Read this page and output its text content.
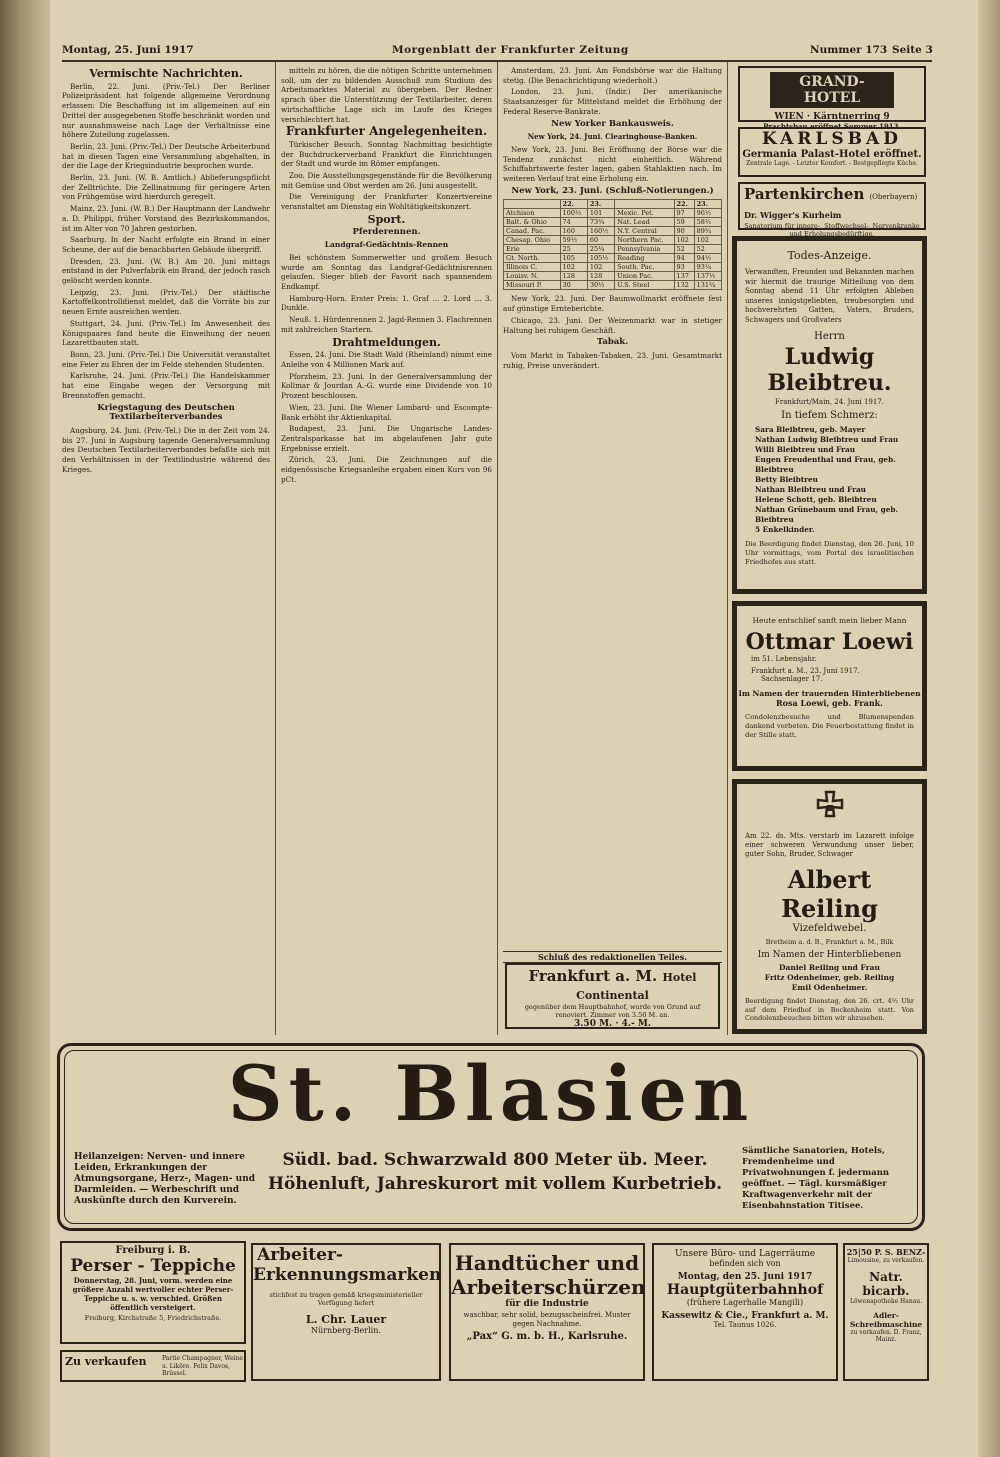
Montag, 25. Juni 1917	Morgenblatt der Frankfurter Zeitung	Nummer 173 Seite 3
Vermischte Nachrichten.

Berlin, 22. Juni. (Priv.-Tel.) Der Berliner Polizeipräsident hat folgende allgemeine Verordnung erlassen: Die Beschaffung ist im allgemeinen auf ein Drittel der ausgegebenen Stoffe beschränkt worden und nur ausnahmsweise nach Lage der Verhältnisse eine höhere Zuteilung zugelassen.

Berlin, 23. Juni. (Priv.-Tel.) Der Deutsche Arbeiterbund hat in diesen Tagen eine Versammlung abgehalten, in der die Lage der Kriegsindustrie besprochen wurde.

Berlin, 23. Juni. (W. B. Amtlich.) Ablieferungspflicht der Zelltrüchte. Die Zellinatmung für geringere Arten von Frühgemüse wird hierdurch geregelt.

Mainz, 23. Juni. (W. B.) Der Hauptmann der Landwehr a. D. Philippi, früher Vorstand des Bezirkskommandos, ist im Alter von 70 Jahren gestorben.

Saarburg. In der Nacht erfolgte ein Brand in einer Scheune, der auf die benachbarten Gebäude übergriff.

Dresden, 23. Juni. (W. B.) Am 20. Juni mittags entstand in der Pulverfabrik ein Brand, der jedoch rasch gelöscht werden konnte.

Leipzig, 23. Juni. (Priv.-Tel.) Der städtische Kartoffelkontrolldienst meldet, daß die Vorräte bis zur neuen Ernte ausreichen werden.

Stuttgart, 24. Juni. (Priv.-Tel.) Im Anwesenheit des Königspaares fand heute die Einweihung der neuen Lazarettbauten statt.

Bonn, 23. Juni. (Priv.-Tel.) Die Universität veranstaltet eine Feier zu Ehren der im Felde stehenden Studenten.

Karlsruhe, 24. Juni. (Priv.-Tel.) Die Handelskammer hat eine Eingabe wegen der Versorgung mit Brennstoffen gemacht.

Kriegstagung des Deutschen Textilarbeiterverbandes

Augsburg, 24. Juni. (Priv.-Tel.) Die in der Zeit vom 24. bis 27. Juni in Augsburg tagende Generalversammlung des Deutschen Textilarbeiterverbandes befaßte sich mit den Verhältnissen in der Textilindustrie während des Krieges.

mitteln zu hören, die die nötigen Schritte unternehmen soll, um der zu bildenden Ausschuß zum Studium des Arbeitsmarktes Material zu übergeben. Der Redner sprach über die Unterstützung der Textilarbeiter, deren wirtschaftliche Lage sich im Laufe des Krieges verschlechtert hat.

Frankfurter Angelegenheiten.

Türkischer Besuch. Sonntag Nachmittag besichtigte der Buchdruckerverband Frankfurt die Einrichtungen der Stadt und wurde im Römer empfangen.

Zoo. Die Ausstellungsgegenstände für die Bevölkerung mit Gemüse und Obst werden am 26. Juni ausgestellt.

Die Vereinigung der Frankfurter Konzertvereine veranstaltet am Dienstag ein Wohltätigkeitskonzert.

Sport.
Pferderennen.
Landgraf-Gedächtnis-Rennen

Bei schönstem Sommerwetter und großem Besuch wurde am Sonntag das Landgraf-Gedächtnisrennen gelaufen. Sieger blieb der Favorit nach spannendem Endkampf.

Hamburg-Horn. Erster Preis: 1. Graf ... 2. Lord ... 3. Dunkle.

Neuß. 1. Hürdenrennen 2. Jagd-Rennen 3. Flachrennen mit zahlreichen Startern.

Drahtmeldungen.

Essen, 24. Juni. Die Stadt Wald (Rheinland) nimmt eine Anleihe von 4 Millionen Mark auf.

Pforzheim, 23. Juni. In der Generalversammlung der Kollmar & Jourdan A.-G. wurde eine Dividende von 10 Prozent beschlossen.

Wien, 23. Juni. Die Wiener Lombard- und Escompte-Bank erhöht ihr Aktienkapital.

Budapest, 23. Juni. Die Ungarische Landes-Zentralsparkasse hat im abgelaufenen Jahr gute Ergebnisse erzielt.

Zürich, 23. Juni. Die Zeichnungen auf die eidgenössische Kriegsanleihe ergaben einen Kurs von 96 pCt.

Amsterdam, 23. Juni. Am Fondsbörse war die Haltung stetig. (Die Benachrichtigung wiederholt.)

London, 23. Juni. (Indir.) Der amerikanische Staatsanzeiger für Mittelstand meldet die Erhöhung der Federal Reserve-Bankrate.

New Yorker Bankausweis.
New York, 24. Juni. Clearinghouse-Banken.

New York, 23. Juni. Bei Eröffnung der Börse war die Tendenz zunächst nicht einheitlich. Während Schiffahrtswerte fester lagen, gaben Stahlaktien nach. Im weiteren Verlauf trat eine Erholung ein.

New York, 23. Juni. (Schluß-Notierungen.)
	22.	23.		22.	23.
Atchison	100½	101	Mexic. Pet.	97	96½
Balt. & Ohio	74	73¾	Nat. Lead	59	58½
Canad. Pac.	160	160½	N.Y. Central	90	89¾
Chesap. Ohio	59½	60	Northern Pac.	102	102
Erie	25	25¼	Pennsylvania	52	52
Gt. North.	105	105½	Reading	94	94½
Illinois C.	102	102	South. Pac.	93	93¼
Louisv. N.	128	128	Union Pac.	137	137½
Missouri P.	30	30½	U.S. Steel	132	131¾

New York, 23. Juni. Der Baumwollmarkt eröffnete fest auf günstige Ernteberichte.

Chicago, 23. Juni. Der Weizenmarkt war in stetiger Haltung bei ruhigem Geschäft.

Tabak.

Vom Markt in Tabaken-Tabaken, 23. Juni. Gesamtmarkt ruhig, Preise unverändert.

Schluß des redaktionellen Teiles.
Frankfurt a. M. Hotel Continental
gegenüber dem Hauptbahnhof, wurde von Grund auf renoviert. Zimmer von 3.50 M. an.
3.50 M. · 4.- M.
GRAND-HOTEL
WIEN · Kärntnerring 9
Prachtsbau eröffnet Sommer 1913.
KARLSBAD
Germania Palast-Hotel eröffnet.
Zentrale Lage. - Letzter Komfort. - Bestgepflegte Küche.
Partenkirchen (Oberbayern) Dr. Wigger's Kurheim
Sanatorium für innere-, Stoffwechsel-, Nervenkranke und Erholungsbedürftige.
Todes-Anzeige.
Verwandten, Freunden und Bekannten machen wir hiermit die traurige Mitteilung von dem Sonntag abend 11 Uhr erfolgten Ableben unseres innigstgeliebten, treubesorgten und hochverehrten Gatten, Vaters, Bruders, Schwagers und Großvaters
Herrn
Ludwig Bleibtreu.
Frankfurt/Main, 24. Juni 1917.
In tiefem Schmerz:
Sara Bleibtreu, geb. Mayer
Nathan Ludwig Bleibtreu und Frau
Willi Bleibtreu und Frau
Eugen Freudenthal und Frau, geb. Bleibtreu
Betty Bleibtreu
Nathan Bleibtreu und Frau
Helene Schott, geb. Bleibtreu
Nathan Grünebaum und Frau, geb. Bleibtreu
5 Enkelkinder.
Die Beerdigung findet Dienstag, den 26. Juni, 10 Uhr vormittags, vom Portal des israelitischen Friedhofes aus statt.
Heute entschlief sanft mein lieber Mann
Ottmar Loewi
im 51. Lebensjahr.
Frankfurt a. M., 23. Juni 1917.
Sachsenlager 17.
Im Namen der trauernden Hinterbliebenen
Rosa Loewi, geb. Frank.
Condolenzbesuche und Blumenspenden dankend verbeten. Die Feuerbestattung findet in der Stille statt.
Am 22. ds. Mts. verstarb im Lazarett infolge einer schweren Verwundung unser lieber, guter Sohn, Bruder, Schwager
Albert Reiling
Vizefeldwebel.
Bretheim a. d. B., Frankfurt a. M., Bilk
Im Namen der Hinterbliebenen
Daniel Reiling und Frau
Fritz Odenheimer, geb. Reiling
Emil Odenheimer.
Beerdigung findet Dienstag, den 26. crt. 4½ Uhr auf dem Friedhof in Bockenheim statt. Von Condolenzbesuchen bitten wir abzusehen.
St. Blasien
Heilanzeigen: Nerven- und innere Leiden, Erkrankungen der Atmungsorgane, Herz-, Magen- und Darmleiden. — Werbeschrift und Auskünfte durch den Kurverein.
Südl. bad. Schwarzwald 800 Meter üb. Meer.
Höhenluft, Jahreskurort mit vollem Kurbetrieb.
Sämtliche Sanatorien, Hotels, Fremdenheime und Privatwohnungen f. jedermann geöffnet. — Tägl. kursmäßiger Kraftwagenverkehr mit der Eisenbahnstation Titisee.
Freiburg i. B.
Perser - Teppiche
Donnerstag, 28. Juni, vorm. werden eine größere Anzahl wertvoller echter Perser-Teppiche u. s. w. verschied. Größen öffentlich versteigert.
Freiburg, Kirchstraße 5, Friedrichstraße.
Zu verkaufen	Partie Champagner, Weine u. Liköre. Felix Davos, Brüssel.
Arbeiter-
Erkennungsmarken
stichfest zu tragen gemäß kriegsministerieller Verfügung liefert
L. Chr. Lauer
Nürnberg-Berlin.
Handtücher und
Arbeiterschürzen
für die Industrie
waschbar, sehr solid, bezugsscheinfrei. Muster gegen Nachnahme.
„Pax“ G. m. b. H., Karlsruhe.
Unsere Büro- und Lagerräume
befinden sich von
Montag, den 25. Juni 1917
Hauptgüterbahnhof
(frühere Lagerhalle Mangili)
Kassewitz & Cie., Frankfurt a. M.
Tel. Taunus 1026.
25|50 P. S. BENZ-
Limousine, zu verkaufen.
Natr. bicarb.
Löwenapotheke Hanau.
Adler-Schreibmaschine
zu verkaufen. D. Franz, Mainz.
